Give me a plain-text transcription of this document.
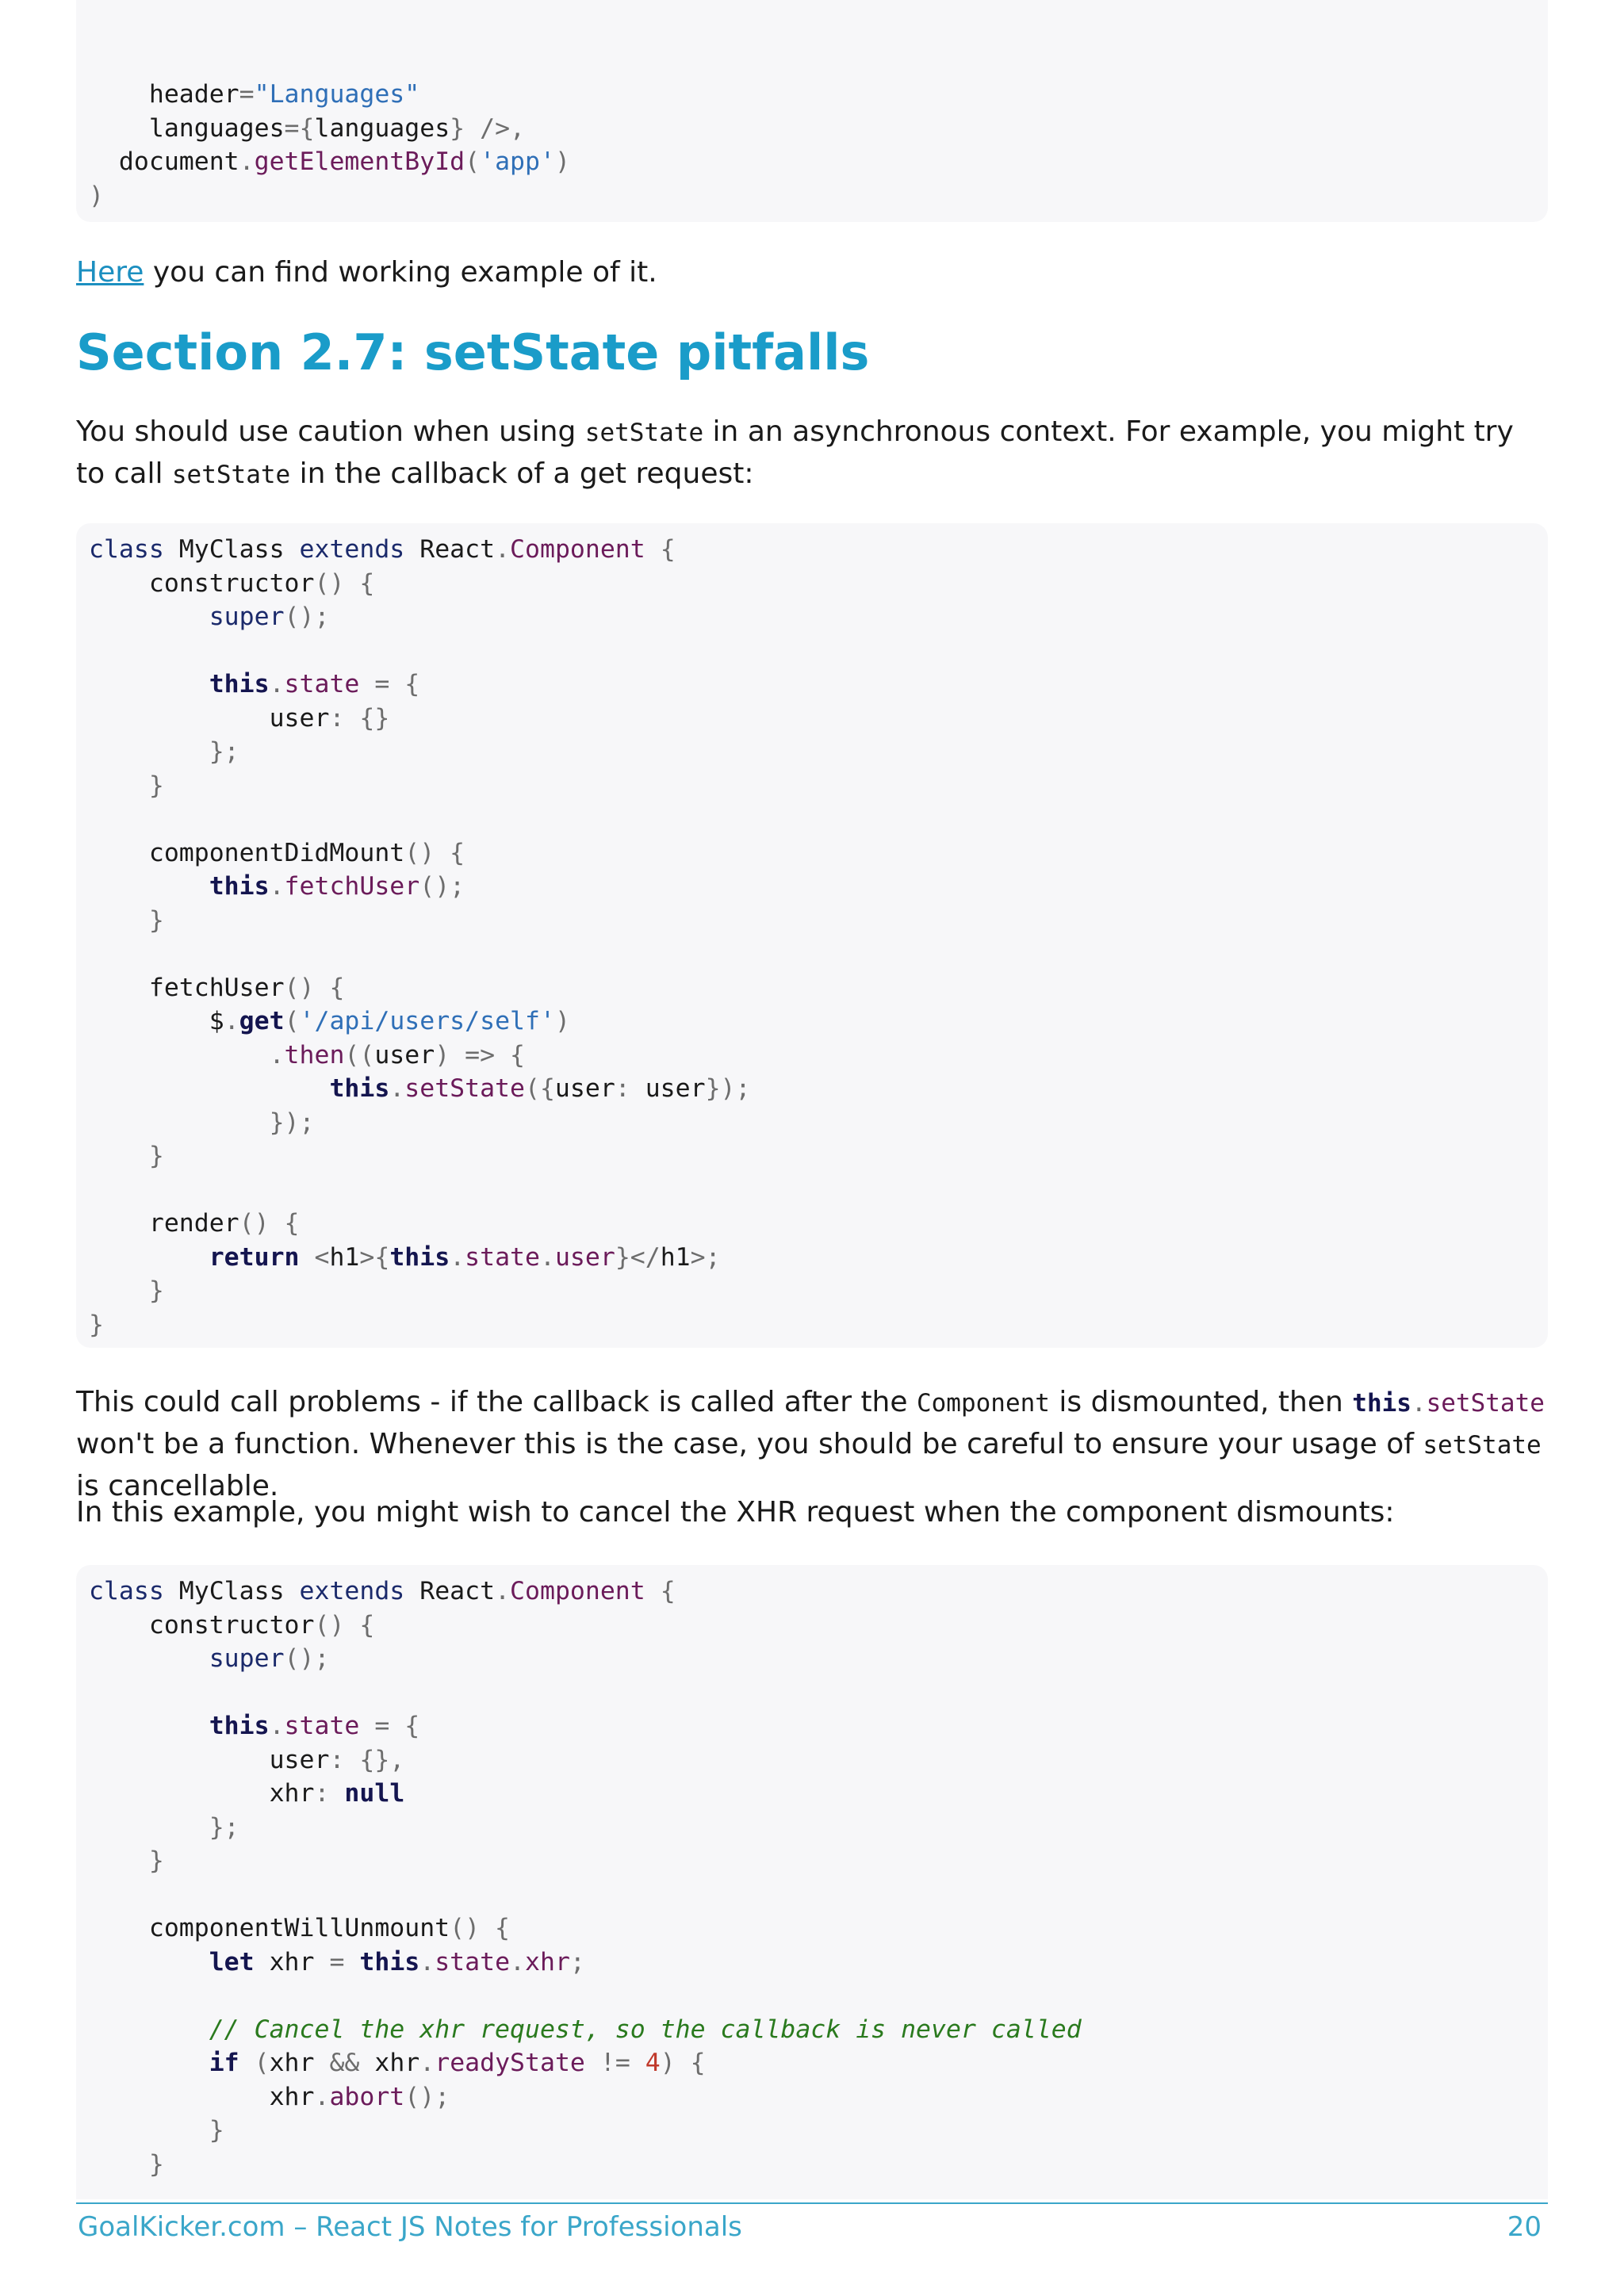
header="Languages"
languages={languages} />,
document.getElementById('app')
)

Here you can find working example of it.

Section 2.7: setState pitfalls

You should use caution when using setState in an asynchronous context. For example, you might try to call setState in the callback of a get request:

class MyClass extends React.Component {
constructor() {
super();

this.state = {
user: {}
};
}

componentDidMount() {
this.fetchUser();
}

fetchUser() {
$.get('/api/users/self')
.then((user) => {
this.setState({user: user});
});
}

render() {
return <h1>{this.state.user}</h1>;
}
}

This could call problems - if the callback is called after the Component is dismounted, then this.setState won't be a function. Whenever this is the case, you should be careful to ensure your usage of setState is cancellable.

In this example, you might wish to cancel the XHR request when the component dismounts:

class MyClass extends React.Component {
constructor() {
super();

this.state = {
user: {},
xhr: null
};
}

componentWillUnmount() {
let xhr = this.state.xhr;

// Cancel the xhr request, so the callback is never called
if (xhr && xhr.readyState != 4) {
xhr.abort();
}
}
GoalKicker.com – React JS Notes for Professionals	20
